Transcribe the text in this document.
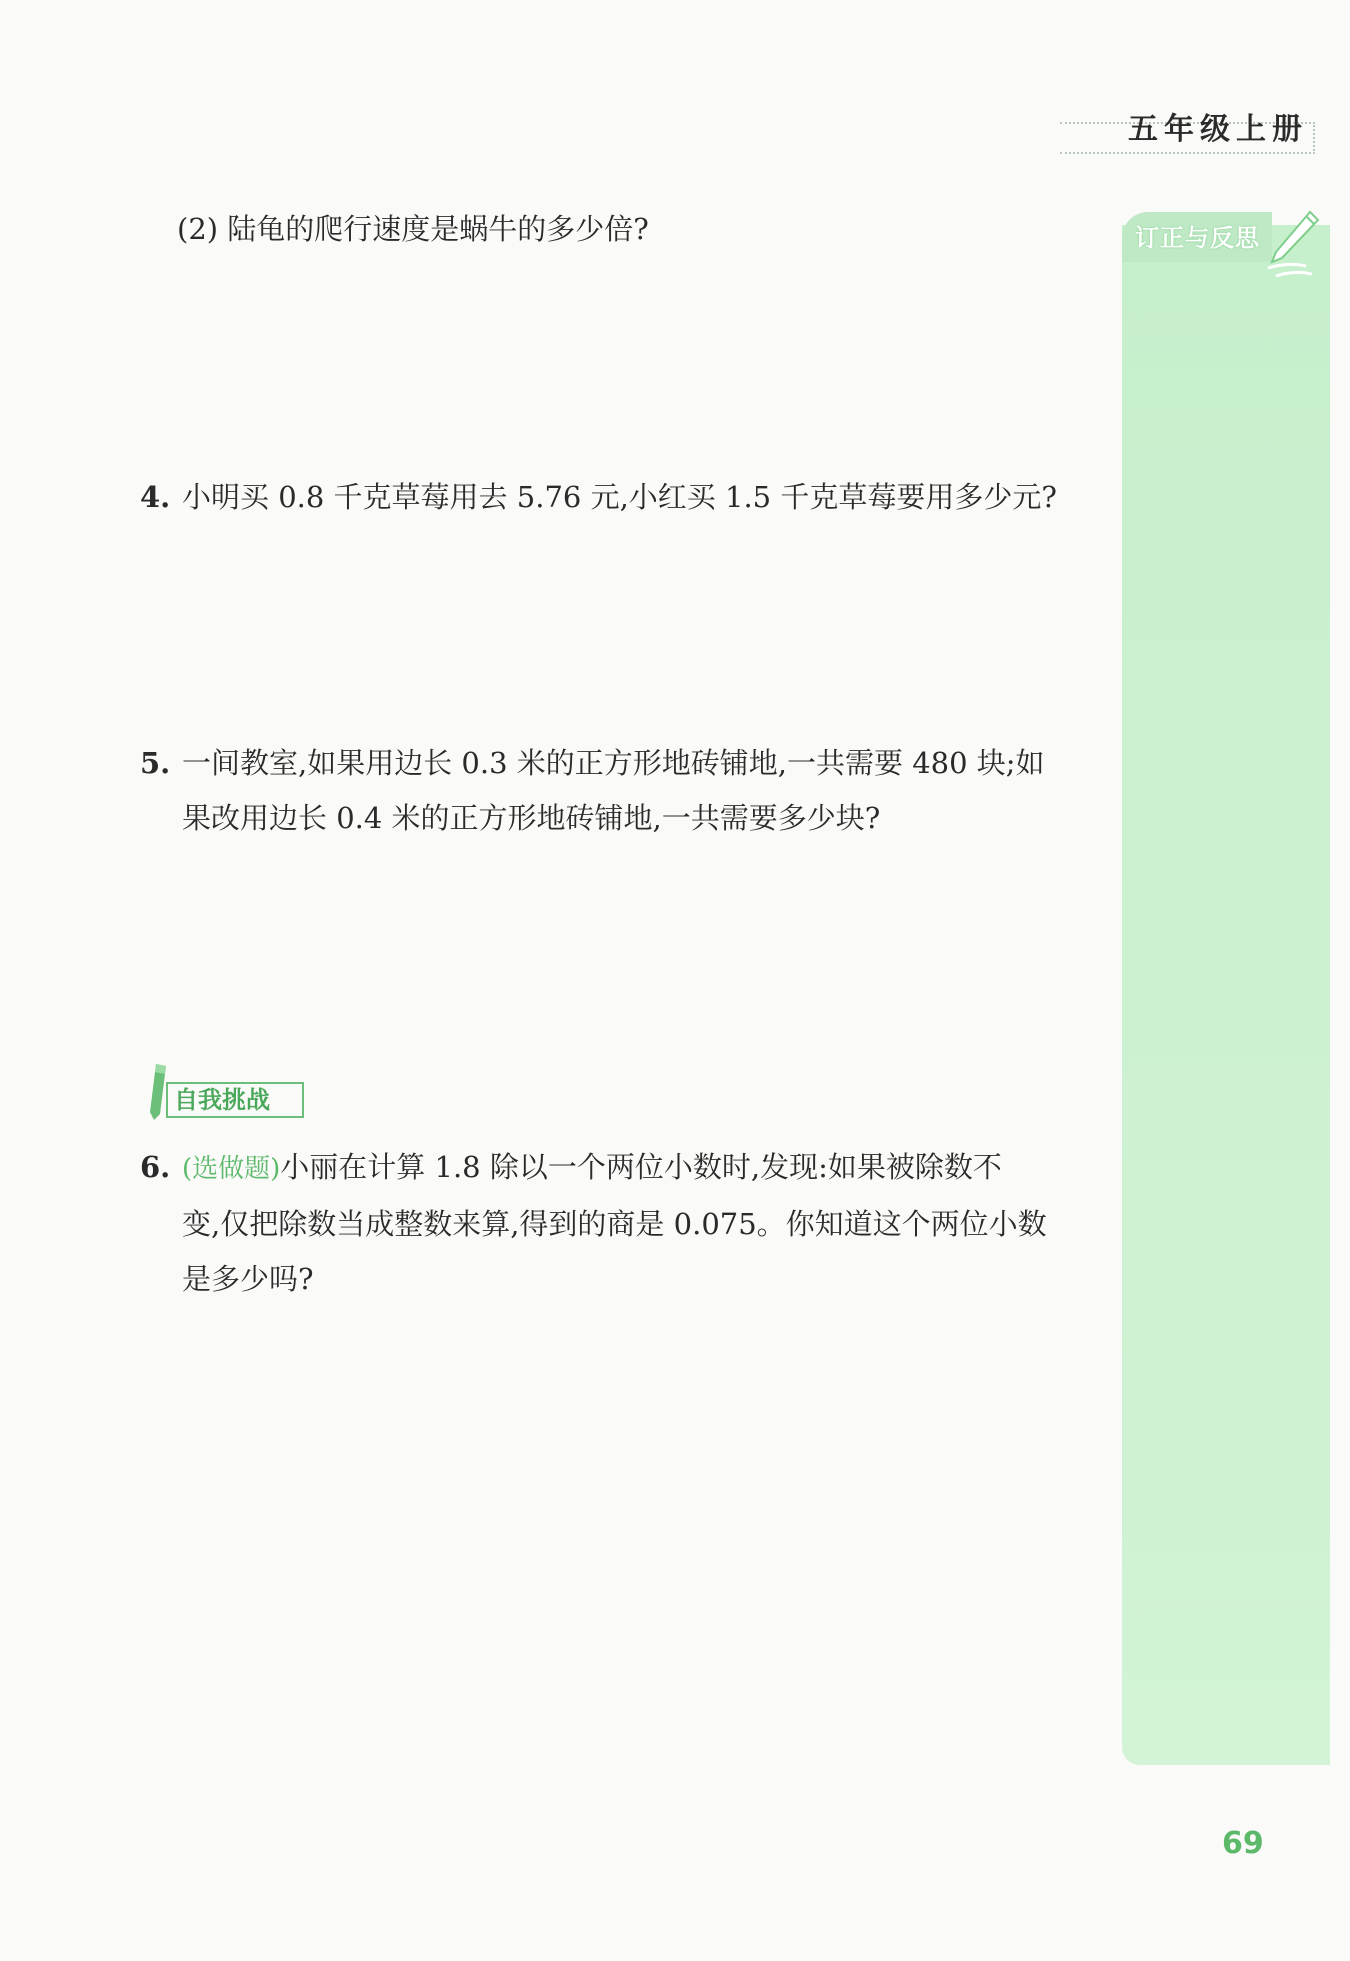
五年级上册
订正与反思
(2) 陆龟的爬行速度是蜗牛的多少倍?
4. 小明买 0.8 千克草莓用去 5.76 元,小红买 1.5 千克草莓要用多少元?
5. 一间教室,如果用边长 0.3 米的正方形地砖铺地,一共需要 480 块;如
果改用边长 0.4 米的正方形地砖铺地,一共需要多少块?
自我挑战
6. (选做题)小丽在计算 1.8 除以一个两位小数时,发现:如果被除数不
变,仅把除数当成整数来算,得到的商是 0.075。你知道这个两位小数
是多少吗?
69
